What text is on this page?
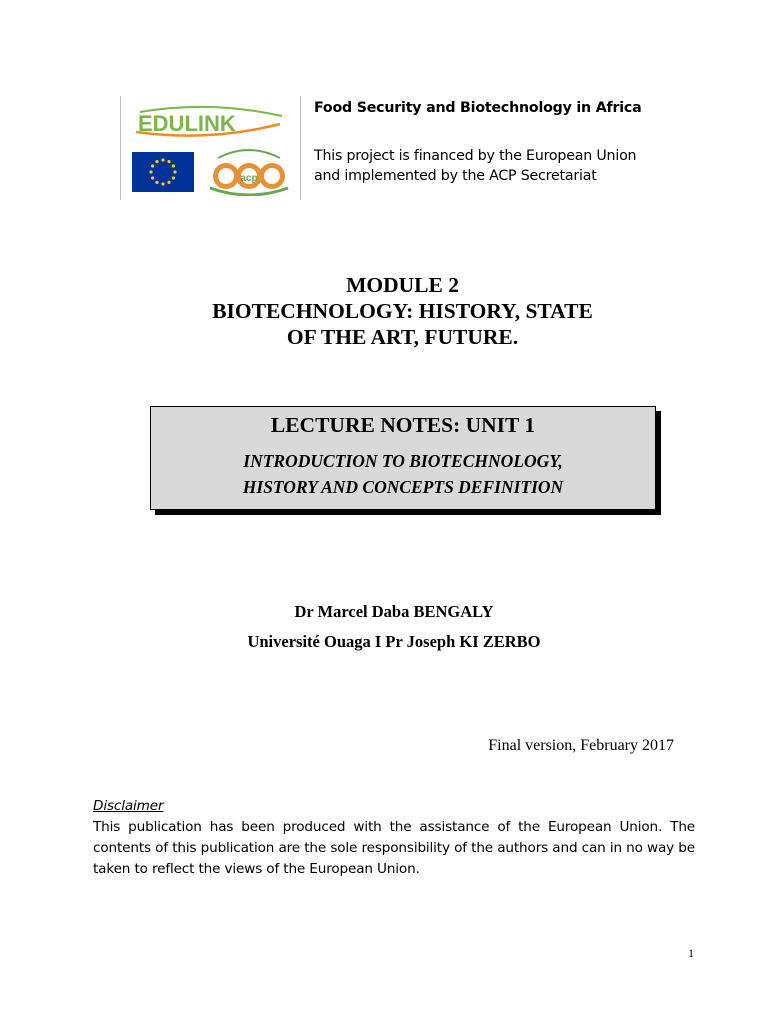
EDULINK
acp
Food Security and Biotechnology in Africa
This project is financed by the European Union
and implemented by the ACP Secretariat
MODULE 2
BIOTECHNOLOGY: HISTORY, STATE
OF THE ART, FUTURE.
LECTURE NOTES: UNIT 1
INTRODUCTION TO BIOTECHNOLOGY,
HISTORY AND CONCEPTS DEFINITION
Dr Marcel Daba BENGALY
Université Ouaga I Pr Joseph KI ZERBO
Final version, February 2017
Disclaimer
This publication has been produced with the assistance of the European Union. The contents of this publication are the sole responsibility of the authors and can in no way be taken to reflect the views of the European Union.
1
